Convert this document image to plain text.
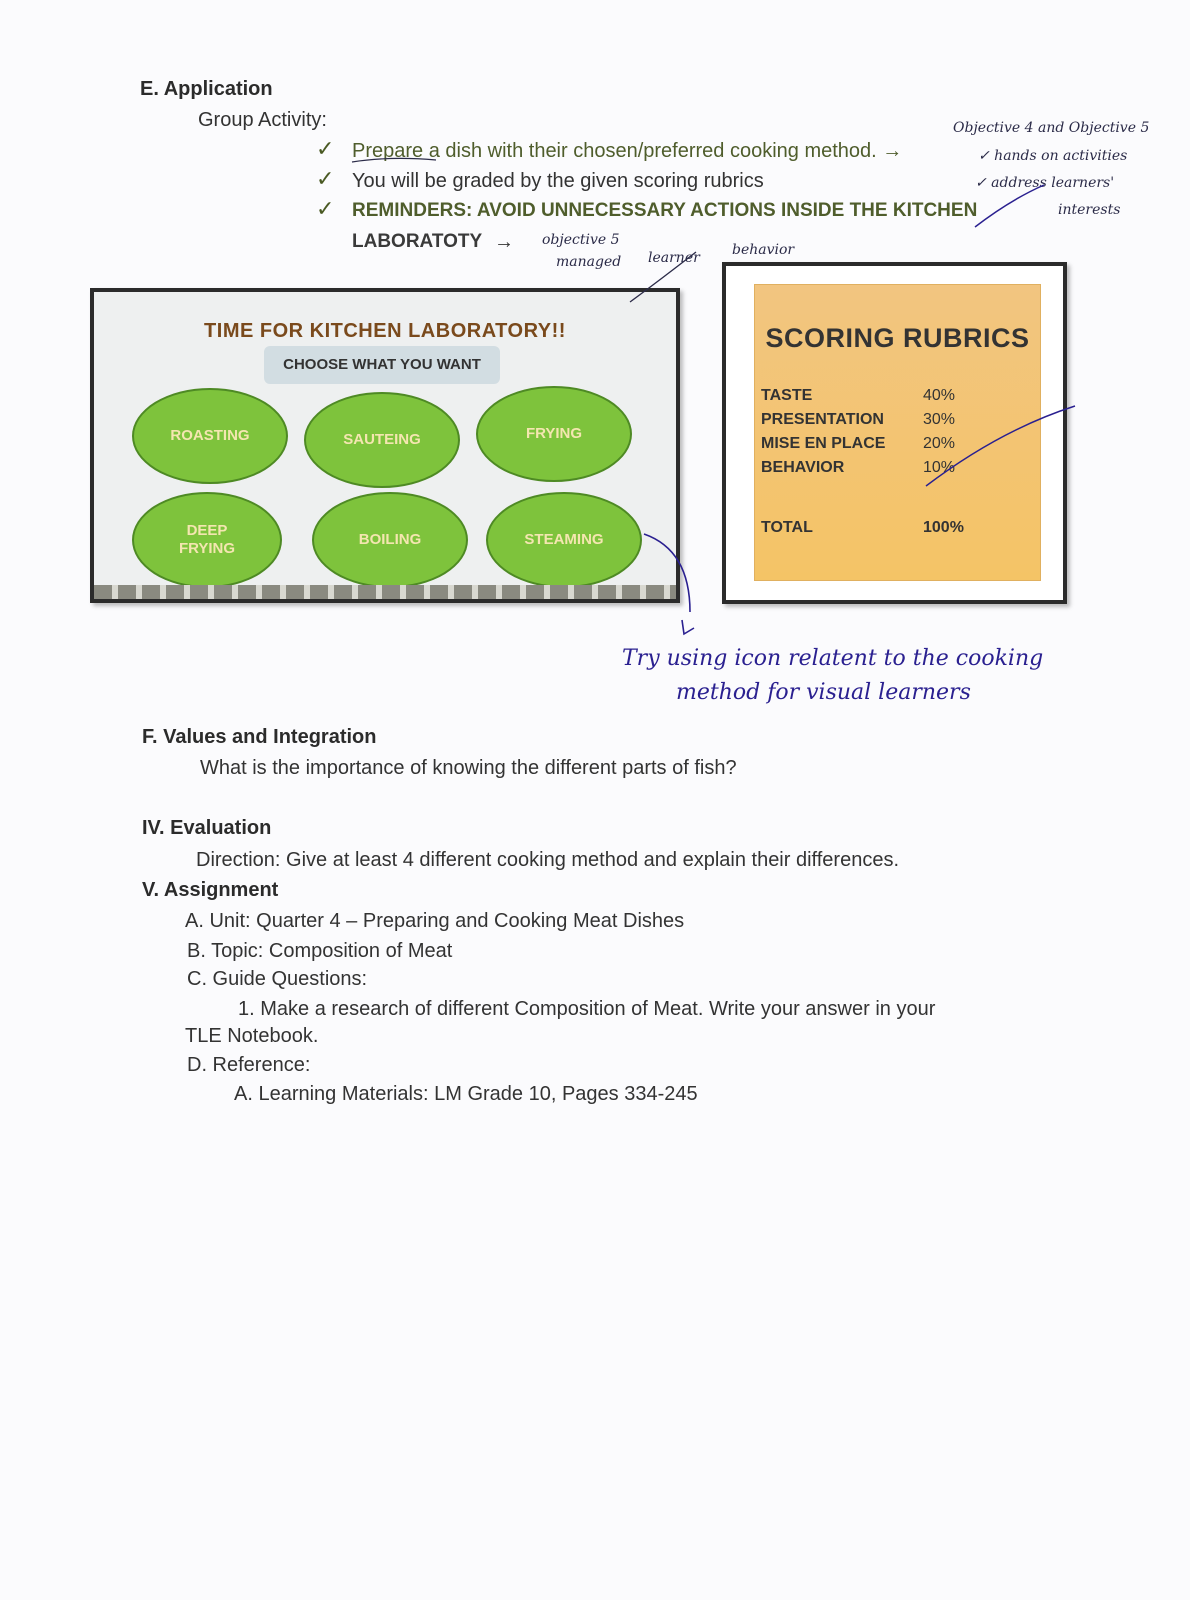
E. Application
Group Activity:
✓ Prepare a dish with their chosen/preferred cooking method. →
✓ You will be graded by the given scoring rubrics
✓ REMINDERS: AVOID UNNECESSARY ACTIONS INSIDE THE KITCHEN
LABORATOTY →
Objective 4 and Objective 5
✓ hands on activities
✓ address learners'
interests
objective 5
managed learner behavior
TIME FOR KITCHEN LABORATORY!!
CHOOSE WHAT YOU WANT
ROASTING	SAUTEING	FRYING
DEEP FRYING
BOILING	STEAMING
SCORING RUBRICS
TASTE	40%
PRESENTATION 30%
MISE EN PLACE 20%
BEHAVIOR	10%
TOTAL	100%
Try using icon relatent to the cooking
method for visual learners
F. Values and Integration
What is the importance of knowing the different parts of fish?
IV. Evaluation
Direction: Give at least 4 different cooking method and explain their differences.
V. Assignment
A. Unit: Quarter 4 – Preparing and Cooking Meat Dishes
B. Topic: Composition of Meat
C. Guide Questions:
1. Make a research of different Composition of Meat. Write your answer in your
TLE Notebook.
D. Reference:
A. Learning Materials: LM Grade 10, Pages 334-245
